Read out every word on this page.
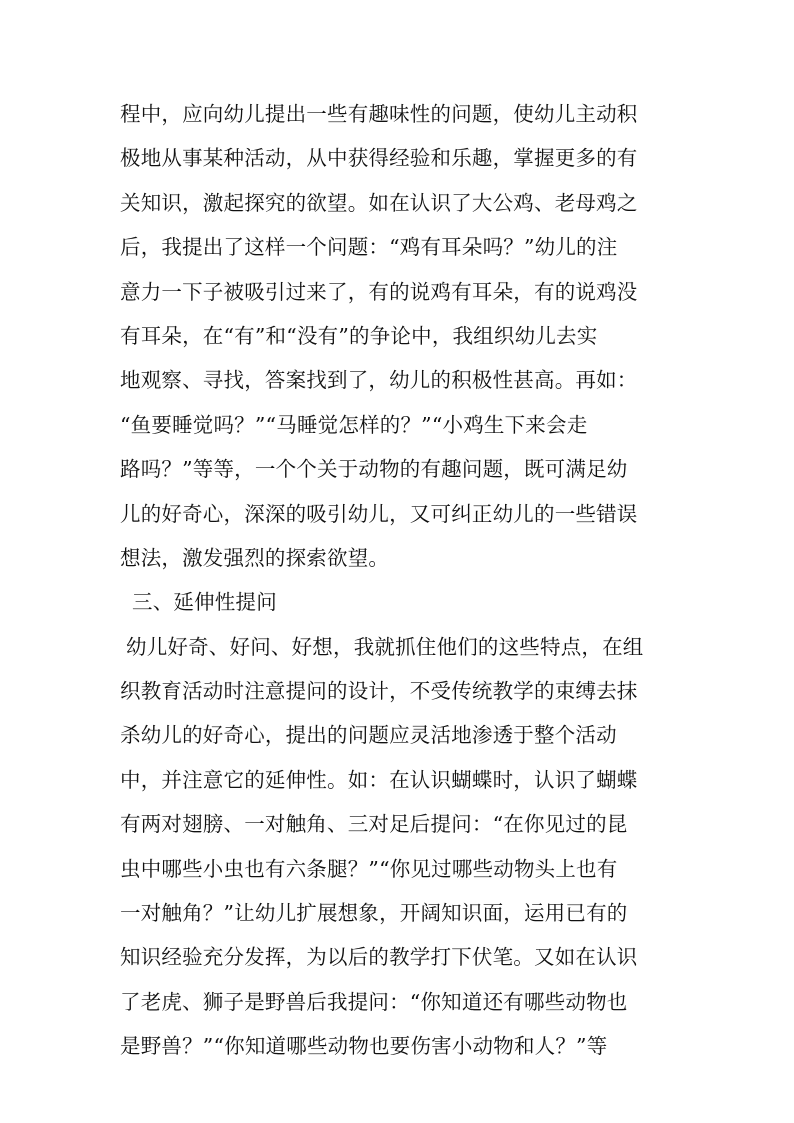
程中，应向幼儿提出一些有趣味性的问题，使幼儿主动积
极地从事某种活动，从中获得经验和乐趣，掌握更多的有
关知识，激起探究的欲望。如在认识了大公鸡、老母鸡之
后，我提出了这样一个问题：“鸡有耳朵吗？”幼儿的注
意力一下子被吸引过来了，有的说鸡有耳朵，有的说鸡没
有耳朵，在“有”和“没有”的争论中，我组织幼儿去实
地观察、寻找，答案找到了，幼儿的积极性甚高。再如：
“鱼要睡觉吗？”“马睡觉怎样的？”“小鸡生下来会走
路吗？”等等，一个个关于动物的有趣问题，既可满足幼
儿的好奇心，深深的吸引幼儿，又可纠正幼儿的一些错误
想法，激发强烈的探索欲望。
三、延伸性提问
幼儿好奇、好问、好想，我就抓住他们的这些特点，在组
织教育活动时注意提问的设计，不受传统教学的束缚去抹
杀幼儿的好奇心，提出的问题应灵活地渗透于整个活动
中，并注意它的延伸性。如：在认识蝴蝶时，认识了蝴蝶
有两对翅膀、一对触角、三对足后提问：“在你见过的昆
虫中哪些小虫也有六条腿？”“你见过哪些动物头上也有
一对触角？”让幼儿扩展想象，开阔知识面，运用已有的
知识经验充分发挥，为以后的教学打下伏笔。又如在认识
了老虎、狮子是野兽后我提问：“你知道还有哪些动物也
是野兽？”“你知道哪些动物也要伤害小动物和人？”等
